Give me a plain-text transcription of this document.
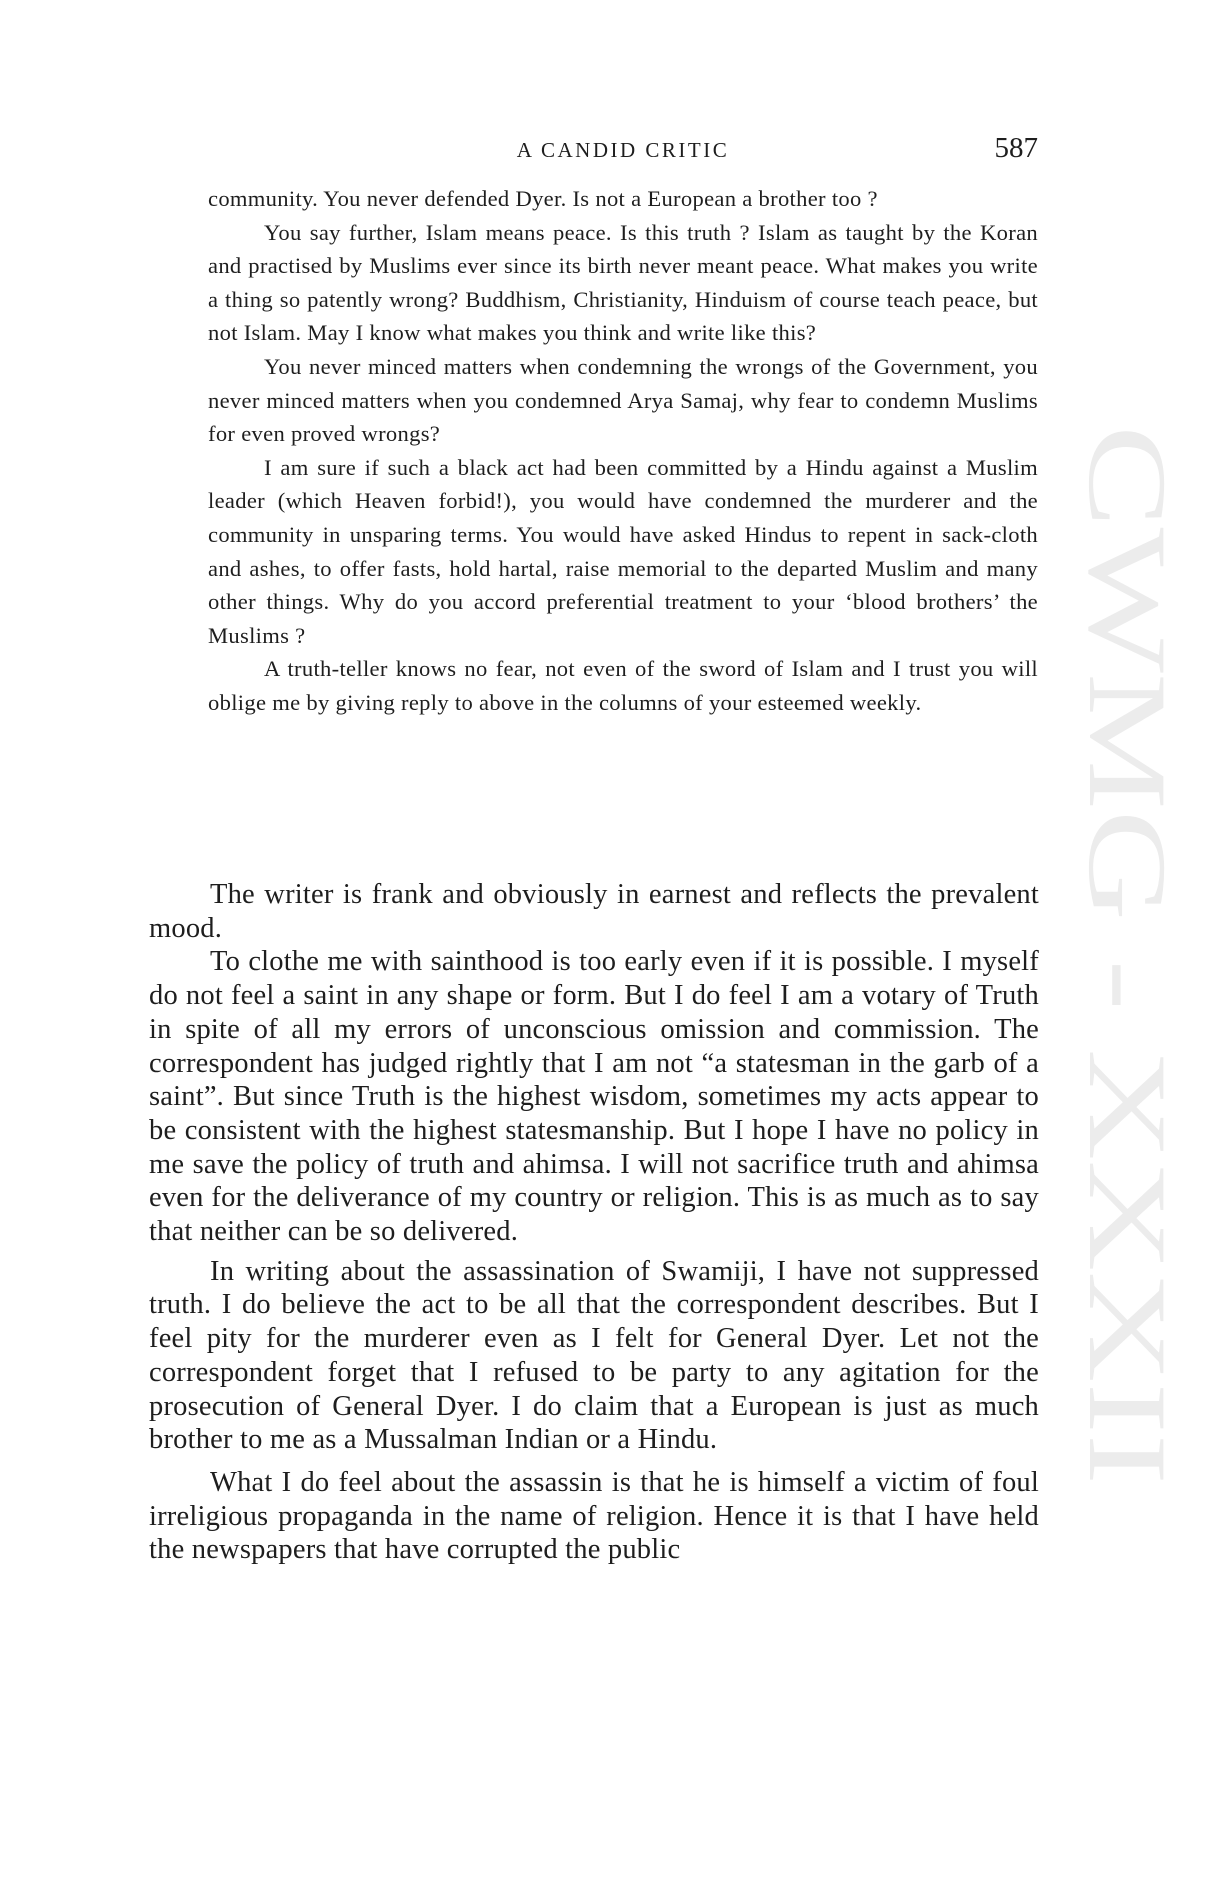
CWMG - XXXII
A CANDID CRITIC	587

community. You never defended Dyer. Is not a European a brother too ?

You say further, Islam means peace. Is this truth ? Islam as taught by the Koran and practised by Muslims ever since its birth never meant peace. What makes you write a thing so patently wrong? Buddhism, Christianity, Hinduism of course teach peace, but not Islam. May I know what makes you think and write like this?

You never minced matters when condemning the wrongs of the Government, you never minced matters when you condemned Arya Samaj, why fear to condemn Muslims for even proved wrongs?

I am sure if such a black act had been committed by a Hindu against a Muslim leader (which Heaven forbid!), you would have condemned the murderer and the community in unsparing terms. You would have asked Hindus to repent in sack-cloth and ashes, to offer fasts, hold hartal, raise memorial to the departed Muslim and many other things. Why do you accord preferential treatment to your ‘blood brothers’ the Muslims ?

A truth-teller knows no fear, not even of the sword of Islam and I trust you will oblige me by giving reply to above in the columns of your esteemed weekly.

The writer is frank and obviously in earnest and reflects the prevalent mood.

To clothe me with sainthood is too early even if it is possible. I myself do not feel a saint in any shape or form. But I do feel I am a votary of Truth in spite of all my errors of unconscious omission and commission. The correspondent has judged rightly that I am not “a statesman in the garb of a saint”. But since Truth is the highest wisdom, sometimes my acts appear to be consistent with the highest statesmanship. But I hope I have no policy in me save the policy of truth and ahimsa. I will not sacrifice truth and ahimsa even for the deliverance of my country or religion. This is as much as to say that neither can be so delivered.

In writing about the assassination of Swamiji, I have not suppressed truth. I do believe the act to be all that the correspondent describes. But I feel pity for the murderer even as I felt for General Dyer. Let not the correspondent forget that I refused to be party to any agitation for the prosecution of General Dyer. I do claim that a European is just as much brother to me as a Mussalman Indian or a Hindu.

What I do feel about the assassin is that he is himself a victim of foul irreligious propaganda in the name of religion. Hence it is that I have held the newspapers that have corrupted the public
